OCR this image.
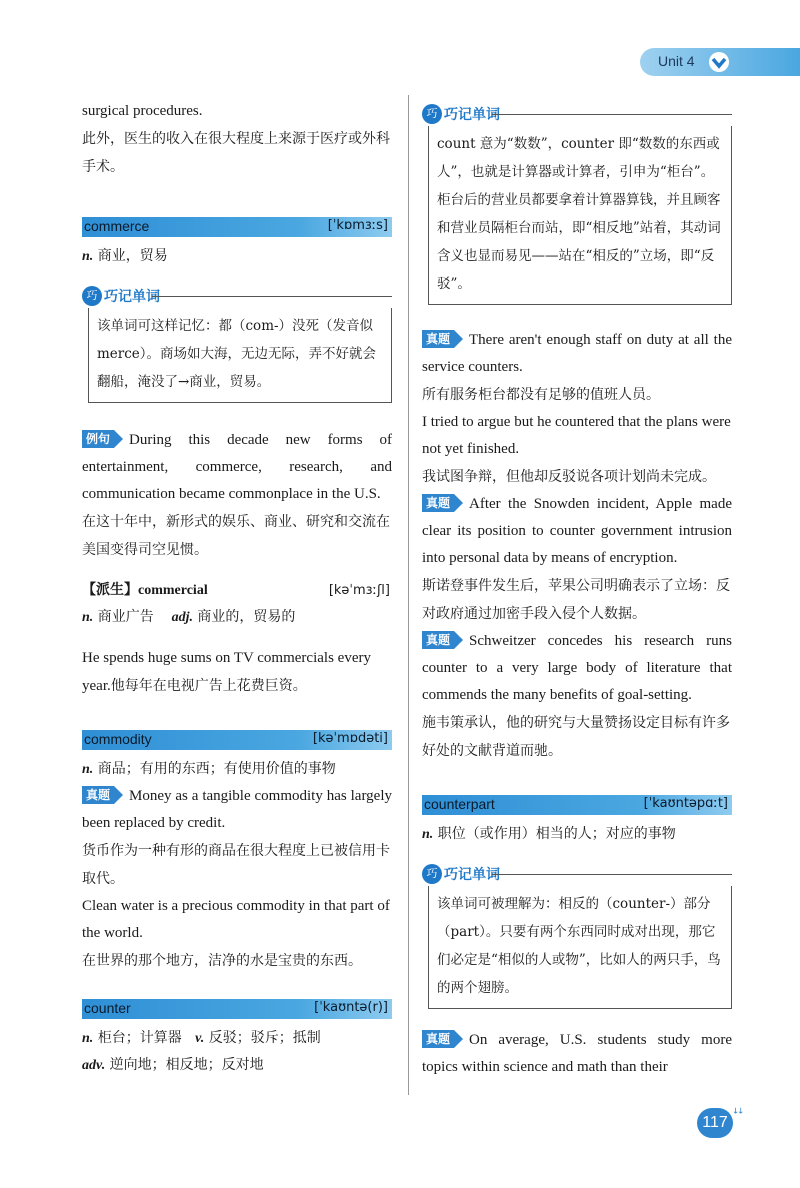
Unit 4

surgical procedures.

此外，医生的收入在很大程度上来源于医疗或外科手术。

commerce	[ˈkɒmɜːs]

n. 商业，贸易

巧 巧记单词

该单词可这样记忆：都（com-）没死（发音似 merce）。商场如大海，无边无际，弄不好就会翻船，淹没了→商业，贸易。

例句 During this decade new forms of entertainment, commerce, research, and communication became commonplace in the U.S.

在这十年中，新形式的娱乐、商业、研究和交流在美国变得司空见惯。

【派生】commercial	[kəˈmɜːʃl]

n. 商业广告 adj. 商业的，贸易的

He spends huge sums on TV commercials every year.他每年在电视广告上花费巨资。

commodity	[kəˈmɒdəti]

n. 商品；有用的东西；有使用价值的事物

真题 Money as a tangible commodity has largely been replaced by credit.

货币作为一种有形的商品在很大程度上已被信用卡取代。

Clean water is a precious commodity in that part of the world.

在世界的那个地方，洁净的水是宝贵的东西。

counter	[ˈkaʊntə(r)]

n. 柜台；计算器 v. 反驳；驳斥；抵制

adv. 逆向地；相反地；反对地

巧 巧记单词

count 意为“数数”，counter 即“数数的东西或人”，也就是计算器或计算者，引申为“柜台”。柜台后的营业员都要拿着计算器算钱，并且顾客和营业员隔柜台而站，即“相反地”站着，其动词含义也显而易见——站在“相反的”立场，即“反驳”。

真题 There aren't enough staff on duty at all the service counters.

所有服务柜台都没有足够的值班人员。

I tried to argue but he countered that the plans were not yet finished.

我试图争辩，但他却反驳说各项计划尚未完成。

真题 After the Snowden incident, Apple made clear its position to counter government intrusion into personal data by means of encryption.

斯诺登事件发生后，苹果公司明确表示了立场：反对政府通过加密手段入侵个人数据。

真题 Schweitzer concedes his research runs counter to a very large body of literature that commends the many benefits of goal-setting.

施韦策承认，他的研究与大量赞扬设定目标有许多好处的文献背道而驰。

counterpart	[ˈkaʊntəpɑːt]

n. 职位（或作用）相当的人；对应的事物

巧 巧记单词

该单词可被理解为：相反的（counter-）部分（part）。只要有两个东西同时成对出现，那它们必定是“相似的人或物”，比如人的两只手，鸟的两个翅膀。

真题 On average, U.S. students study more topics within science and math than their

117 ꜜꜜ
